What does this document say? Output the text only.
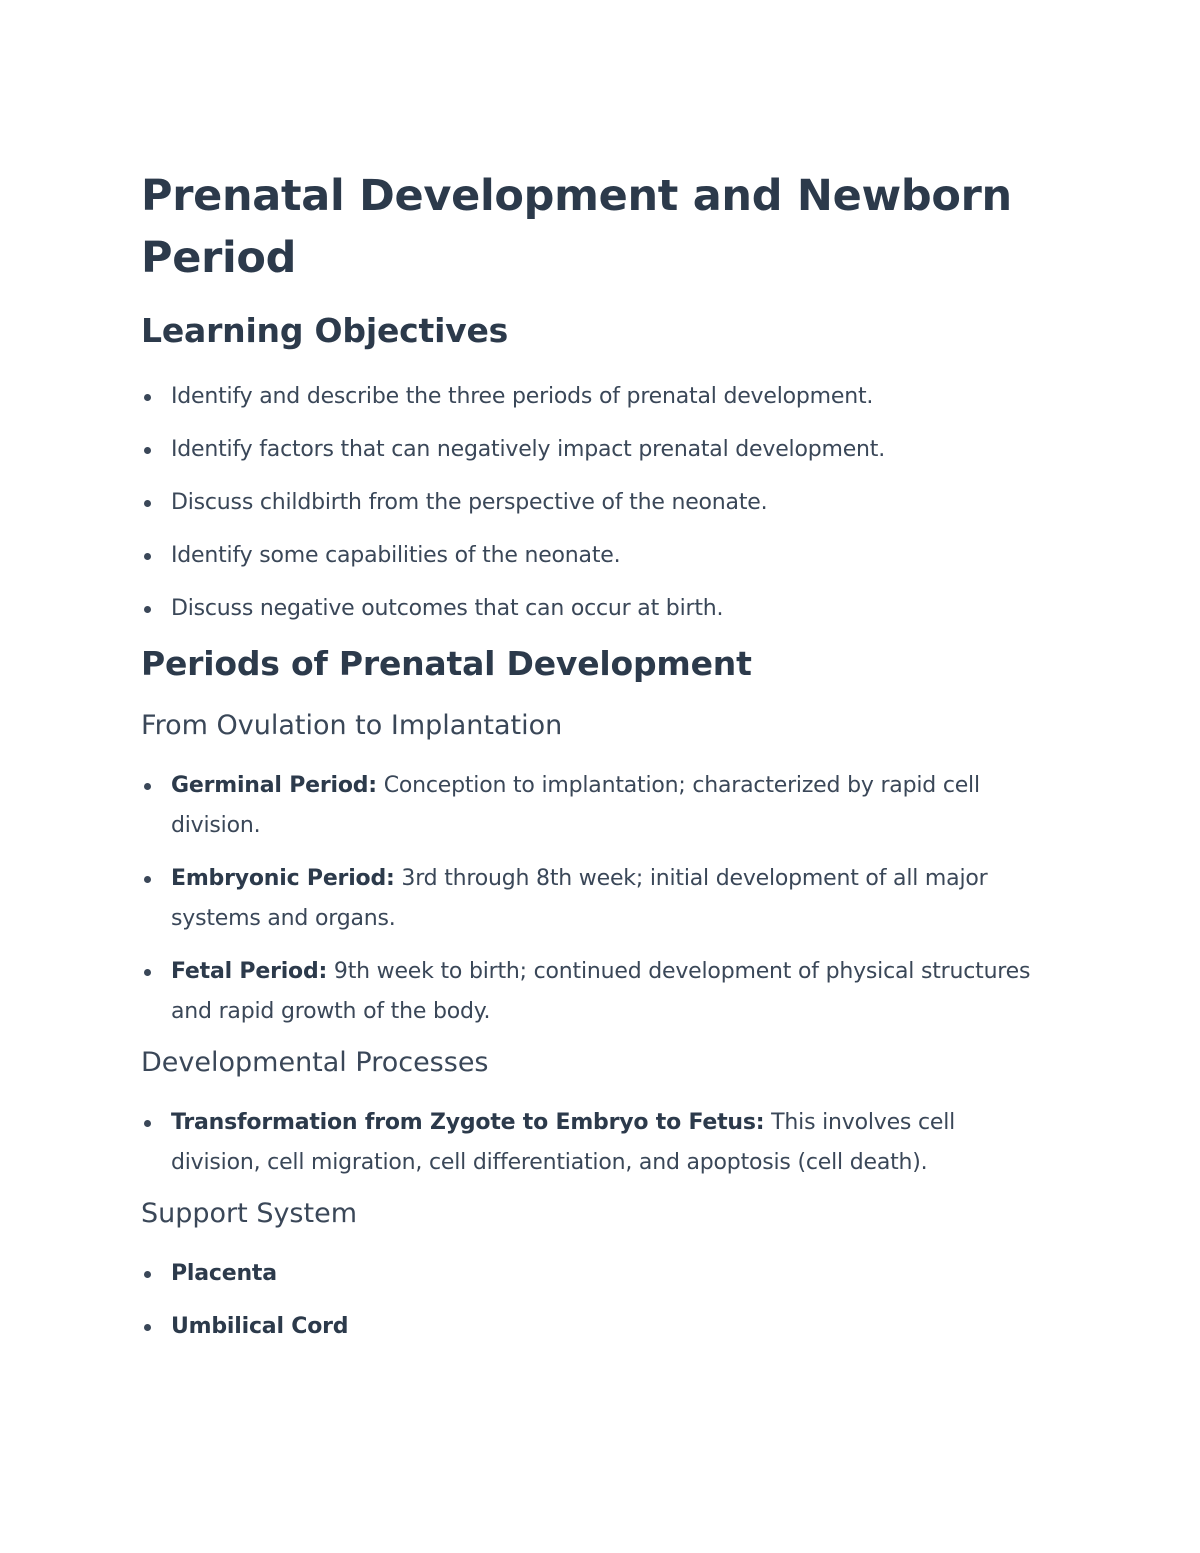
Prenatal Development and Newborn Period
Learning Objectives
Identify and describe the three periods of prenatal development.
Identify factors that can negatively impact prenatal development.
Discuss childbirth from the perspective of the neonate.
Identify some capabilities of the neonate.
Discuss negative outcomes that can occur at birth.
Periods of Prenatal Development
From Ovulation to Implantation
Germinal Period: Conception to implantation; characterized by rapid cell division.
Embryonic Period: 3rd through 8th week; initial development of all major systems and organs.
Fetal Period: 9th week to birth; continued development of physical structures and rapid growth of the body.
Developmental Processes
Transformation from Zygote to Embryo to Fetus: This involves cell division, cell migration, cell differentiation, and apoptosis (cell death).
Support System
Placenta
Umbilical Cord
